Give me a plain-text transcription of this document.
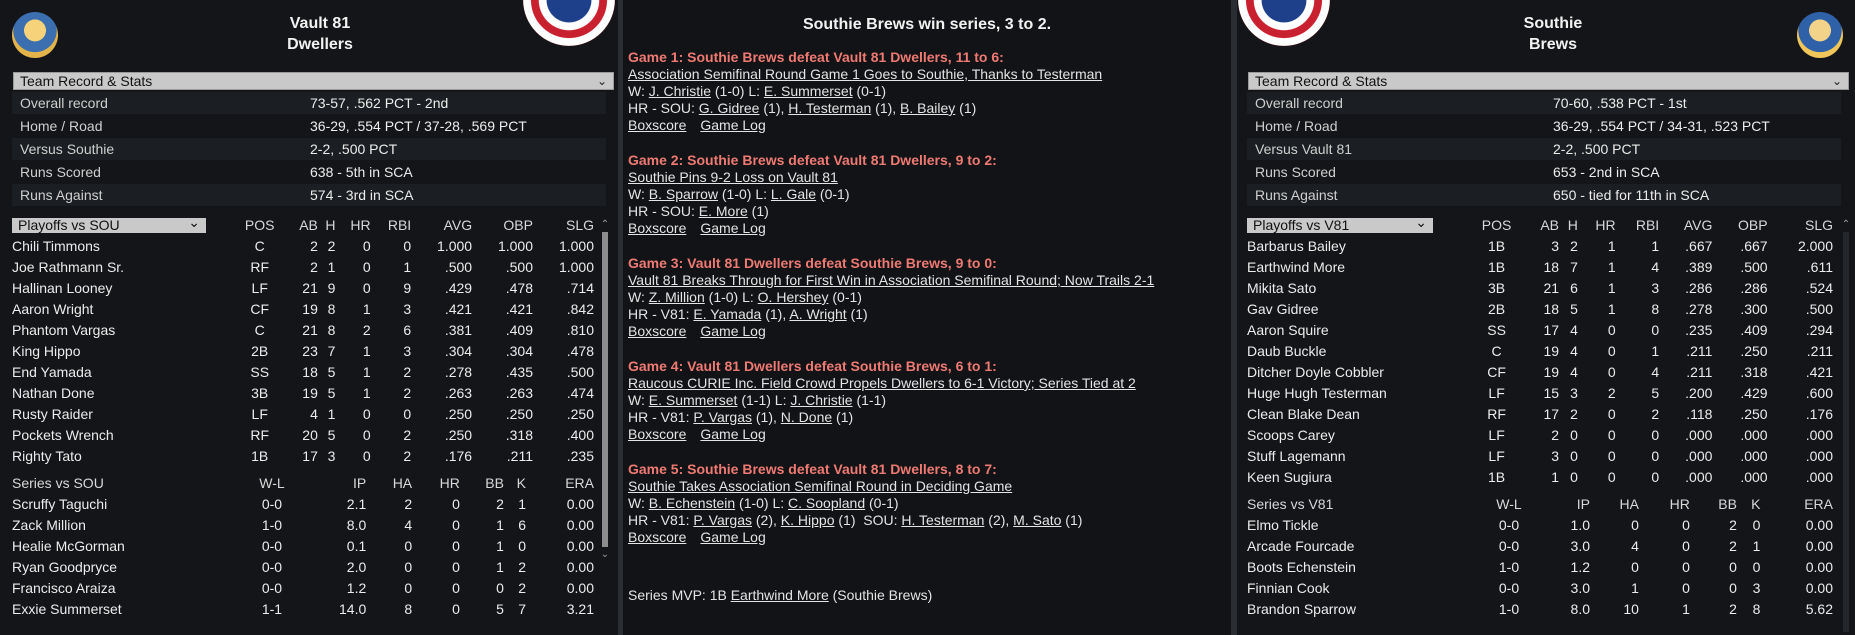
Vault 81
Dwellers
Team Record & Stats	⌄
Overall record	73-57, .562 PCT - 2nd
Home / Road	36-29, .554 PCT / 37-28, .569 PCT
Versus Southie	2-2, .500 PCT
Runs Scored	638 - 5th in SCA
Runs Against	574 - 3rd in SCA
Playoffs vs SOU ⌄	POS	AB	H	HR	RBI	AVG	OBP	SLG
Chili Timmons	C	2	2	0	0	1.000	1.000	1.000
Joe Rathmann Sr.	RF	2	1	0	1	.500	.500	1.000
Hallinan Looney	LF	21	9	0	9	.429	.478	.714
Aaron Wright	CF	19	8	1	3	.421	.421	.842
Phantom Vargas	C	21	8	2	6	.381	.409	.810
King Hippo	2B	23	7	1	3	.304	.304	.478
End Yamada	SS	18	5	1	2	.278	.435	.500
Nathan Done	3B	19	5	1	2	.263	.263	.474
Rusty Raider	LF	4	1	0	0	.250	.250	.250
Pockets Wrench	RF	20	5	0	2	.250	.318	.400
Righty Tato	1B	17	3	0	2	.176	.211	.235
Series vs SOU	W-L	IP	HA	HR	BB	K	ERA
Scruffy Taguchi	0-0	2.1	2	0	2	1	0.00
Zack Million	1-0	8.0	4	0	1	6	0.00
Healie McGorman	0-0	0.1	0	0	1	0	0.00
Ryan Goodpryce	0-0	2.0	0	0	1	2	0.00
Francisco Araiza	0-0	1.2	0	0	0	2	0.00
Exxie Summerset	1-1	14.0	8	0	5	7	3.21
⌃
⌄
Southie Brews win series, 3 to 2.
Game 1: Southie Brews defeat Vault 81 Dwellers, 11 to 6:
Association Semifinal Round Game 1 Goes to Southie, Thanks to Testerman
W: J. Christie (1-0) L: E. Summerset (0-1)
HR - SOU: G. Gidree (1), H. Testerman (1), B. Bailey (1)
Boxscore Game Log
Game 2: Southie Brews defeat Vault 81 Dwellers, 9 to 2:
Southie Pins 9-2 Loss on Vault 81
W: B. Sparrow (1-0) L: L. Gale (0-1)
HR - SOU: E. More (1)
Boxscore Game Log
Game 3: Vault 81 Dwellers defeat Southie Brews, 9 to 0:
Vault 81 Breaks Through for First Win in Association Semifinal Round; Now Trails 2-1
W: Z. Million (1-0) L: O. Hershey (0-1)
HR - V81: E. Yamada (1), A. Wright (1)
Boxscore Game Log
Game 4: Vault 81 Dwellers defeat Southie Brews, 6 to 1:
Raucous CURIE Inc. Field Crowd Propels Dwellers to 6-1 Victory; Series Tied at 2
W: E. Summerset (1-1) L: J. Christie (1-1)
HR - V81: P. Vargas (1), N. Done (1)
Boxscore Game Log
Game 5: Southie Brews defeat Vault 81 Dwellers, 8 to 7:
Southie Takes Association Semifinal Round in Deciding Game
W: B. Echenstein (1-0) L: C. Soopland (0-1)
HR - V81: P. Vargas (2), K. Hippo (1)  SOU: H. Testerman (2), M. Sato (1)
Boxscore Game Log
Series MVP: 1B Earthwind More (Southie Brews)
Southie
Brews
Team Record & Stats	⌄
Overall record	70-60, .538 PCT - 1st
Home / Road	36-29, .554 PCT / 34-31, .523 PCT
Versus Vault 81	2-2, .500 PCT
Runs Scored	653 - 2nd in SCA
Runs Against	650 - tied for 11th in SCA
Playoffs vs V81 ⌄	POS	AB	H	HR	RBI	AVG	OBP	SLG
Barbarus Bailey	1B	3	2	1	1	.667	.667	2.000
Earthwind More	1B	18	7	1	4	.389	.500	.611
Mikita Sato	3B	21	6	1	3	.286	.286	.524
Gav Gidree	2B	18	5	1	8	.278	.300	.500
Aaron Squire	SS	17	4	0	0	.235	.409	.294
Daub Buckle	C	19	4	0	1	.211	.250	.211
Ditcher Doyle Cobbler	CF	19	4	0	4	.211	.318	.421
Huge Hugh Testerman	LF	15	3	2	5	.200	.429	.600
Clean Blake Dean	RF	17	2	0	2	.118	.250	.176
Scoops Carey	LF	2	0	0	0	.000	.000	.000
Stuff Lagemann	LF	3	0	0	0	.000	.000	.000
Keen Sugiura	1B	1	0	0	0	.000	.000	.000
Series vs V81	W-L	IP	HA	HR	BB	K	ERA
Elmo Tickle	0-0	1.0	0	0	2	0	0.00
Arcade Fourcade	0-0	3.0	4	0	2	1	0.00
Boots Echenstein	1-0	1.2	0	0	0	0	0.00
Finnian Cook	0-0	3.0	1	0	0	3	0.00
Brandon Sparrow	1-0	8.0	10	1	2	8	5.62
⌃
